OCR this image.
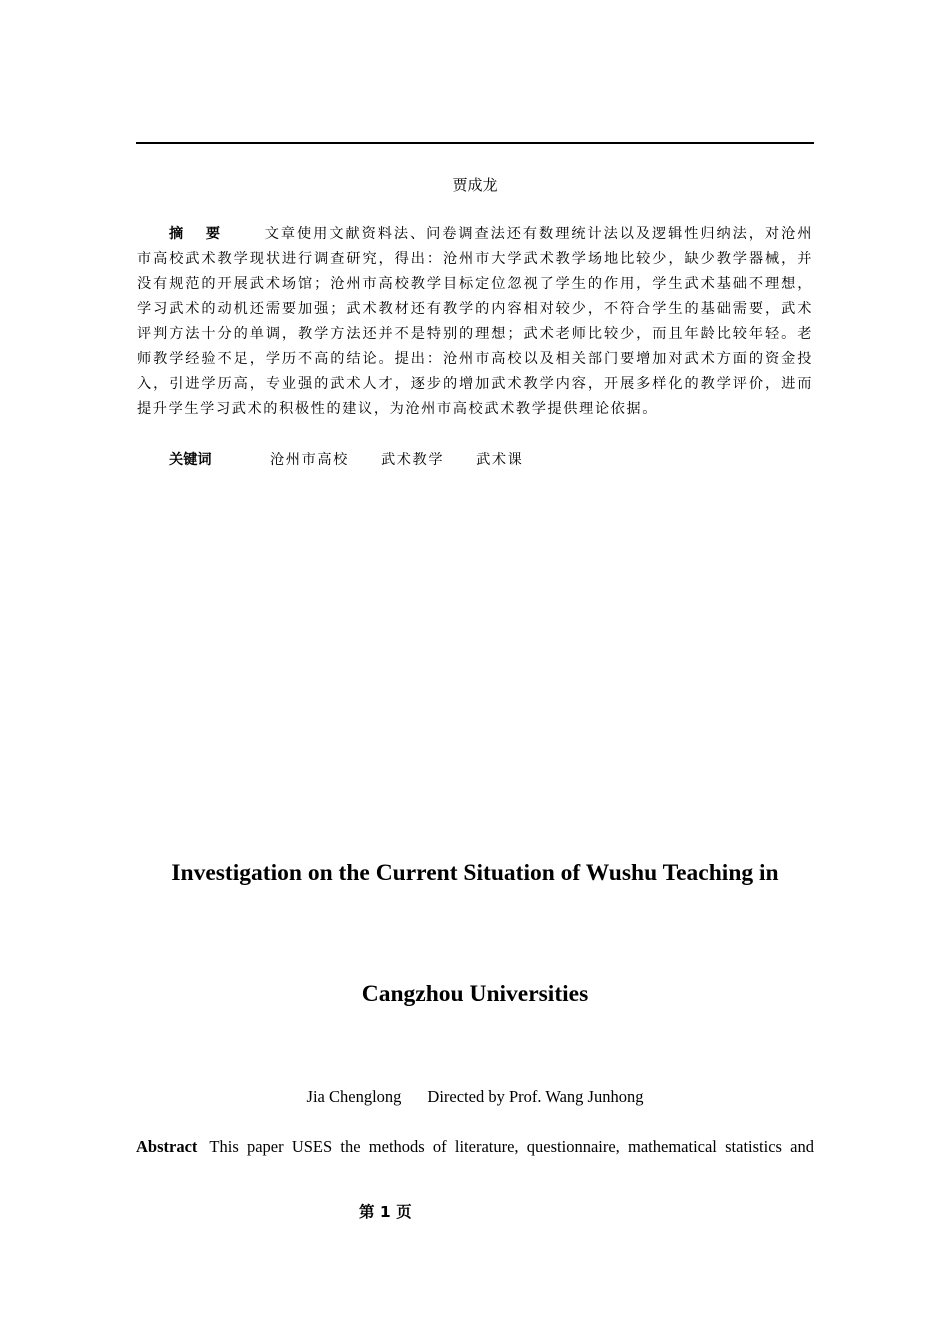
贾成龙

摘 要	文章使用文献资料法、问卷调查法还有数理统计法以及逻辑性归纳法，对沧州市高校武术教学现状进行调查研究，得出：沧州市大学武术教学场地比较少，缺少教学器械，并没有规范的开展武术场馆；沧州市高校教学目标定位忽视了学生的作用，学生武术基础不理想，学习武术的动机还需要加强；武术教材还有教学的内容相对较少，不符合学生的基础需要，武术评判方法十分的单调，教学方法还并不是特别的理想；武术老师比较少，而且年龄比较年轻。老师教学经验不足，学历不高的结论。提出：沧州市高校以及相关部门要增加对武术方面的资金投入，引进学历高，专业强的武术人才，逐步的增加武术教学内容，开展多样化的教学评价，进而提升学生学习武术的积极性的建议，为沧州市高校武术教学提供理论依据。

关键词	沧州市高校 武术教学 武术课
Investigation on the Current Situation of Wushu Teaching in
Cangzhou Universities
Jia Chenglong Directed by Prof. Wang Junhong

Abstract This paper USES the methods of literature, questionnaire, mathematical statistics and

第 1 页
